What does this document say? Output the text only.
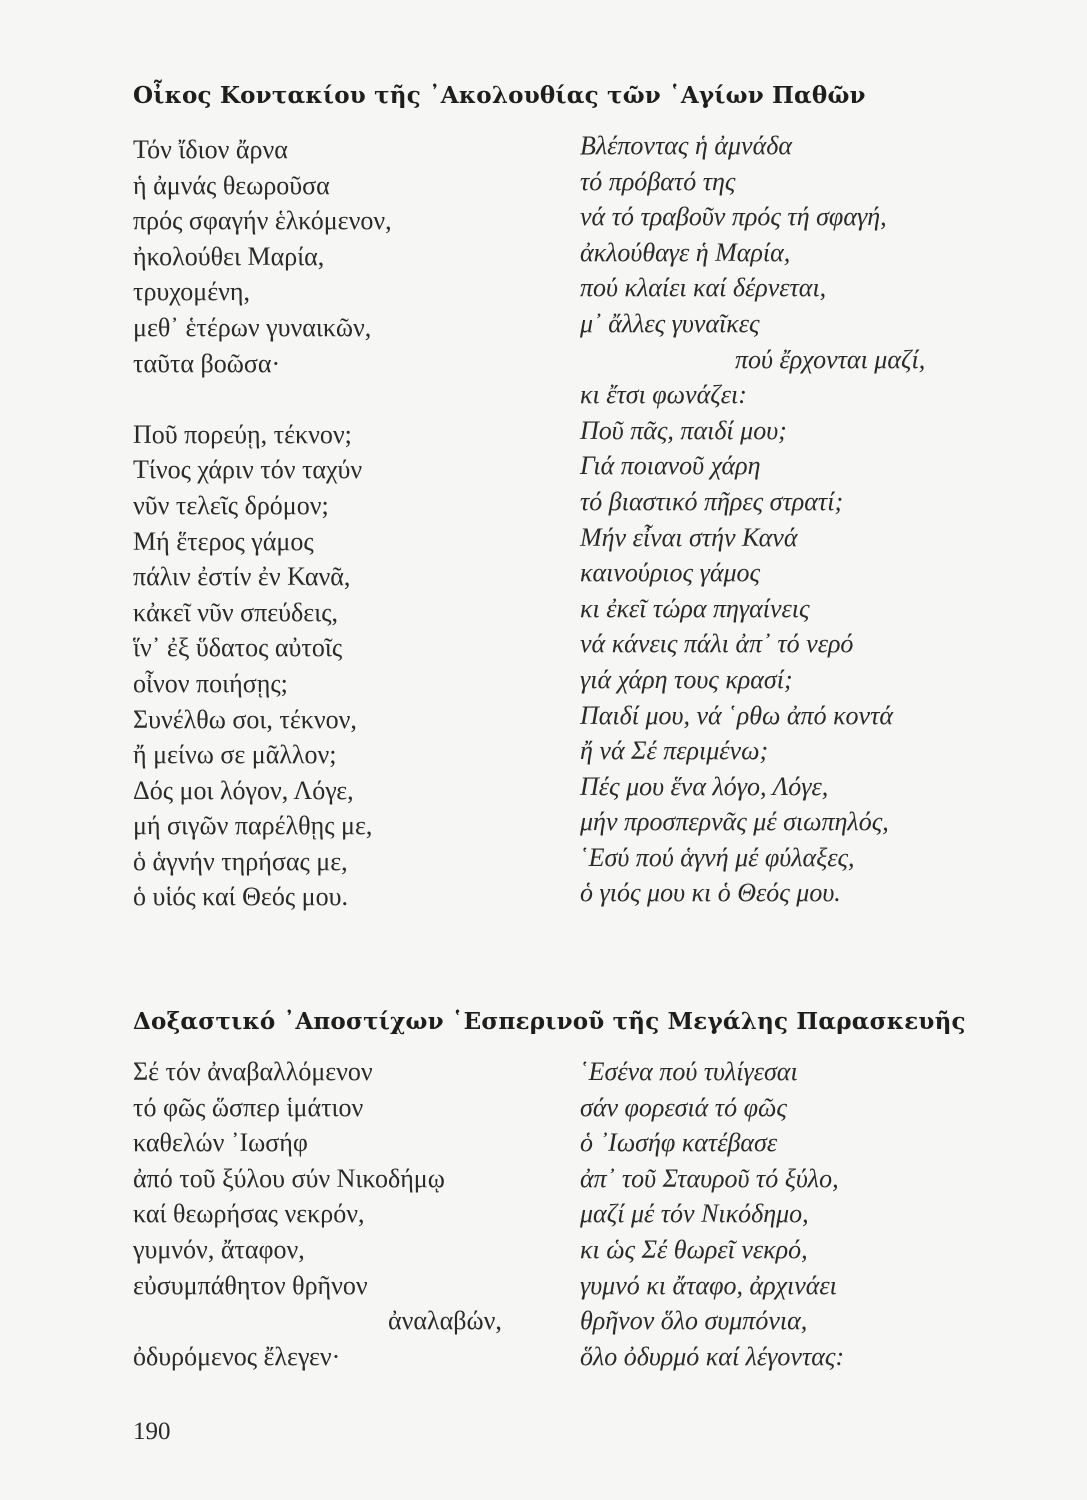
Οἶκος Κοντακίου τῆς ᾿Ακολουθίας τῶν ῾Αγίων Παθῶν
Τόν ἴδιον ἄρνα
ἡ ἀμνάς θεωροῦσα
πρός σφαγήν ἑλκόμενον,
ἠκολούθει Μαρία,
τρυχομένη,
μεθ᾿ ἑτέρων γυναικῶν,
ταῦτα βοῶσα·
Ποῦ πορεύῃ, τέκνον;
Τίνος χάριν τόν ταχύν
νῦν τελεῖς δρόμον;
Μή ἕτερος γάμος
πάλιν ἐστίν ἐν Κανᾶ,
κἀκεῖ νῦν σπεύδεις,
ἵν᾿ ἐξ ὕδατος αὐτοῖς
οἶνον ποιήσῃς;
Συνέλθω σοι, τέκνον,
ἤ μείνω σε μᾶλλον;
Δός μοι λόγον, Λόγε,
μή σιγῶν παρέλθῃς με,
ὁ ἁγνήν τηρήσας με,
ὁ υἱός καί Θεός μου.
Βλέποντας ἡ ἀμνάδα
τό πρόβατό της
νά τό τραβοῦν πρός τή σφαγή,
ἀκλούθαγε ἡ Μαρία,
πού κλαίει καί δέρνεται,
μ᾿ ἄλλες γυναῖκες
πού ἔρχονται μαζί,
κι ἔτσι φωνάζει:
Ποῦ πᾶς, παιδί μου;
Γιά ποιανοῦ χάρη
τό βιαστικό πῆρες στρατί;
Μήν εἶναι στήν Κανά
καινούριος γάμος
κι ἐκεῖ τώρα πηγαίνεις
νά κάνεις πάλι ἀπ᾿ τό νερό
γιά χάρη τους κρασί;
Παιδί μου, νά ῾ρθω ἀπό κοντά
ἤ νά Σέ περιμένω;
Πές μου ἕνα λόγο, Λόγε,
μήν προσπερνᾶς μέ σιωπηλός,
῾Εσύ πού ἁγνή μέ φύλαξες,
ὁ γιός μου κι ὁ Θεός μου.
Δοξαστικό ᾿Αποστίχων ῾Εσπερινοῦ τῆς Μεγάλης Παρασκευῆς
Σέ τόν ἀναβαλλόμενον
τό φῶς ὥσπερ ἱμάτιον
καθελών ᾿Ιωσήφ
ἀπό τοῦ ξύλου σύν Νικοδήμῳ
καί θεωρήσας νεκρόν,
γυμνόν, ἄταφον,
εὐσυμπάθητον θρῆνον
ἀναλαβών,
ὀδυρόμενος ἔλεγεν·
῾Εσένα πού τυλίγεσαι
σάν φορεσιά τό φῶς
ὁ ᾿Ιωσήφ κατέβασε
ἀπ᾿ τοῦ Σταυροῦ τό ξύλο,
μαζί μέ τόν Νικόδημο,
κι ὡς Σέ θωρεῖ νεκρό,
γυμνό κι ἄταφο, ἀρχινάει
θρῆνον ὅλο συμπόνια,
ὅλο ὀδυρμό καί λέγοντας:
190
